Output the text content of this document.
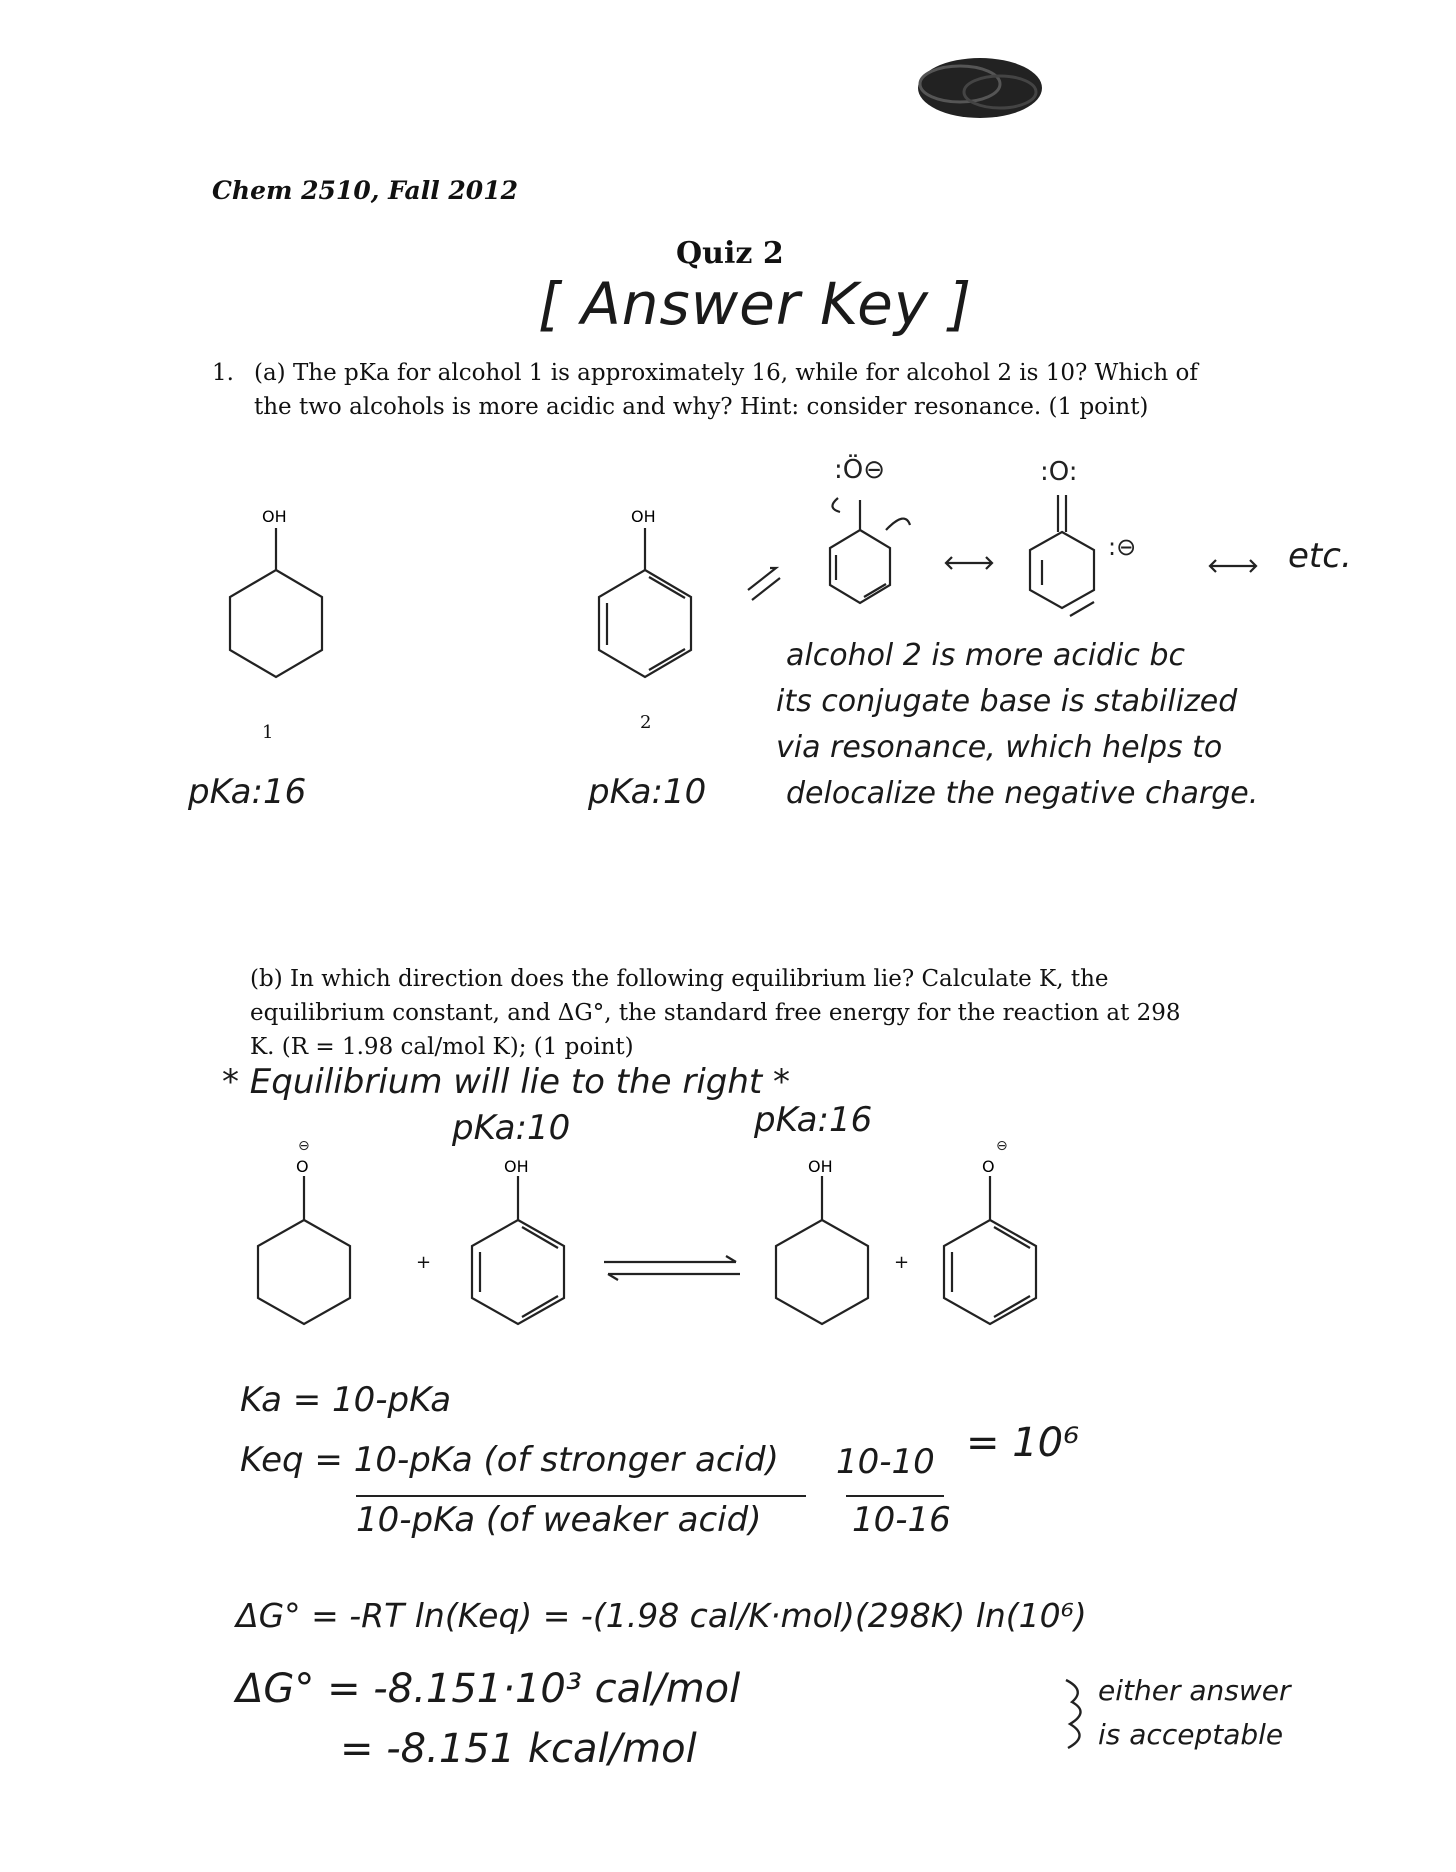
Chem 2510, Fall 2012
Quiz 2
[ Answer Key ]
1. (a) The pKa for alcohol 1 is approximately 16, while for alcohol 2 is 10? Which of
the two alcohols is more acidic and why? Hint: consider resonance. (1 point)
OH	OH
:Ö⊖	:O:
:⊖
1	2
pKa:16	pKa:10
etc.
alcohol 2 is more acidic bc
its conjugate base is stabilized
via resonance, which helps to
delocalize the negative charge.
(b) In which direction does the following equilibrium lie? Calculate K, the
equilibrium constant, and ΔG°, the standard free energy for the reaction at 298
K. (R = 1.98 cal/mol K); (1 point)
* Equilibrium will lie to the right *
pKa:10	pKa:16
O
⊖
OH	OH	O
⊖
+	+
Ka = 10-pKa
Keq = 10-pKa (of stronger acid)
10-pKa (of weaker acid)
10-10
10-16
= 10⁶
ΔG° = -RT ln(Keq) = -(1.98 cal/K·mol)(298K) ln(10⁶)
ΔG° = -8.151·10³ cal/mol
= -8.151 kcal/mol
either answer
is acceptable
